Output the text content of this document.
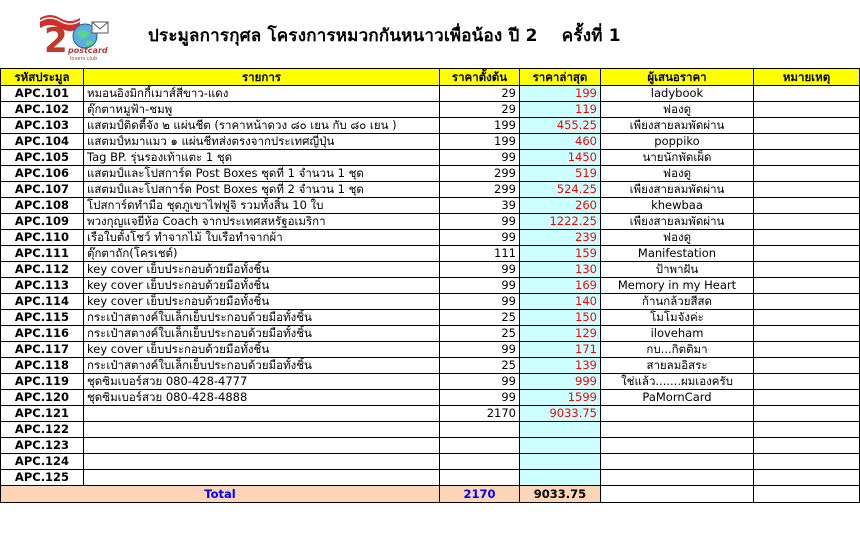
2 postcard
lovers club
ประมูลการกุศล โครงการหมวกกันหนาวเพื่อน้อง ปี 2 ครั้งที่ 1
รหัสประมูล	รายการ	ราคาตั้งต้น	ราคาล่าสุด	ผู้เสนอราคา	หมายเหตุ
APC.101	หมอนอิงมิกกี้เมาส์สีขาว-แดง	29	199	ladybook	
APC.102	ตุ๊กตาหมูฟ้า-ชมพู	29	119	ฟองดู	
APC.103	แสตมป์ติดตี้จัง ๒ แผ่นชีต (ราคาหน้าดวง ๘๐ เยน กับ ๘๐ เยน )	199	455.25	เพียงสายลมพัดผ่าน	
APC.104	แสตมป์หมาแมว ๑ แผ่นชีทส่งตรงจากประเทศญี่ปุ่น	199	460	poppiko	
APC.105	Tag BP. รุ่นรองเท้าแตะ 1 ชุด	99	1450	นายนักพัดเผ็ด	
APC.106	แสตมป์และโปสการ์ด Post Boxes ชุดที่ 1 จำนวน 1 ชุด	299	519	ฟองดู	
APC.107	แสตมป์และโปสการ์ด Post Boxes ชุดที่ 2 จำนวน 1 ชุด	299	524.25	เพียงสายลมพัดผ่าน	
APC.108	โปสการ์ดทำมือ ชุดภูเขาไฟฟูจิ รวมทั้งสิ้น 10 ใบ	39	260	khewbaa	
APC.109	พวงกุญแจยี่ห้อ Coach จากประเทศสหรัฐอเมริกา	99	1222.25	เพียงสายลมพัดผ่าน	
APC.110	เรือใบตั้งโชว์ ทำจากไม้ ใบเรือทำจากผ้า	99	239	ฟองดู	
APC.111	ตุ๊กตาถัก(โครเชต์)	111	159	Manifestation	
APC.112	key cover เย็บประกอบด้วยมือทั้งชิ้น	99	130	ป้าพาฝัน	
APC.113	key cover เย็บประกอบด้วยมือทั้งชิ้น	99	169	Memory in my Heart	
APC.114	key cover เย็บประกอบด้วยมือทั้งชิ้น	99	140	ก้านกล้วยสีสด	
APC.115	กระเป๋าสตางค์ใบเล็กเย็บประกอบด้วยมือทั้งชิ้น	25	150	โมโมจังค่ะ	
APC.116	กระเป๋าสตางค์ใบเล็กเย็บประกอบด้วยมือทั้งชิ้น	25	129	iloveham	
APC.117	key cover เย็บประกอบด้วยมือทั้งชิ้น	99	171	กบ...กิตติมา	
APC.118	กระเป๋าสตางค์ใบเล็กเย็บประกอบด้วยมือทั้งชิ้น	25	139	สายลมอิสระ	
APC.119	ชุดซิมเบอร์สวย 080-428-4777	99	999	ใช่แล้ว.......ผมเองครับ	
APC.120	ชุดซิมเบอร์สวย 080-428-4888	99	1599	PaMornCard	
APC.121		2170	9033.75		
APC.122					
APC.123					
APC.124					
APC.125					
Total		2170	9033.75		
